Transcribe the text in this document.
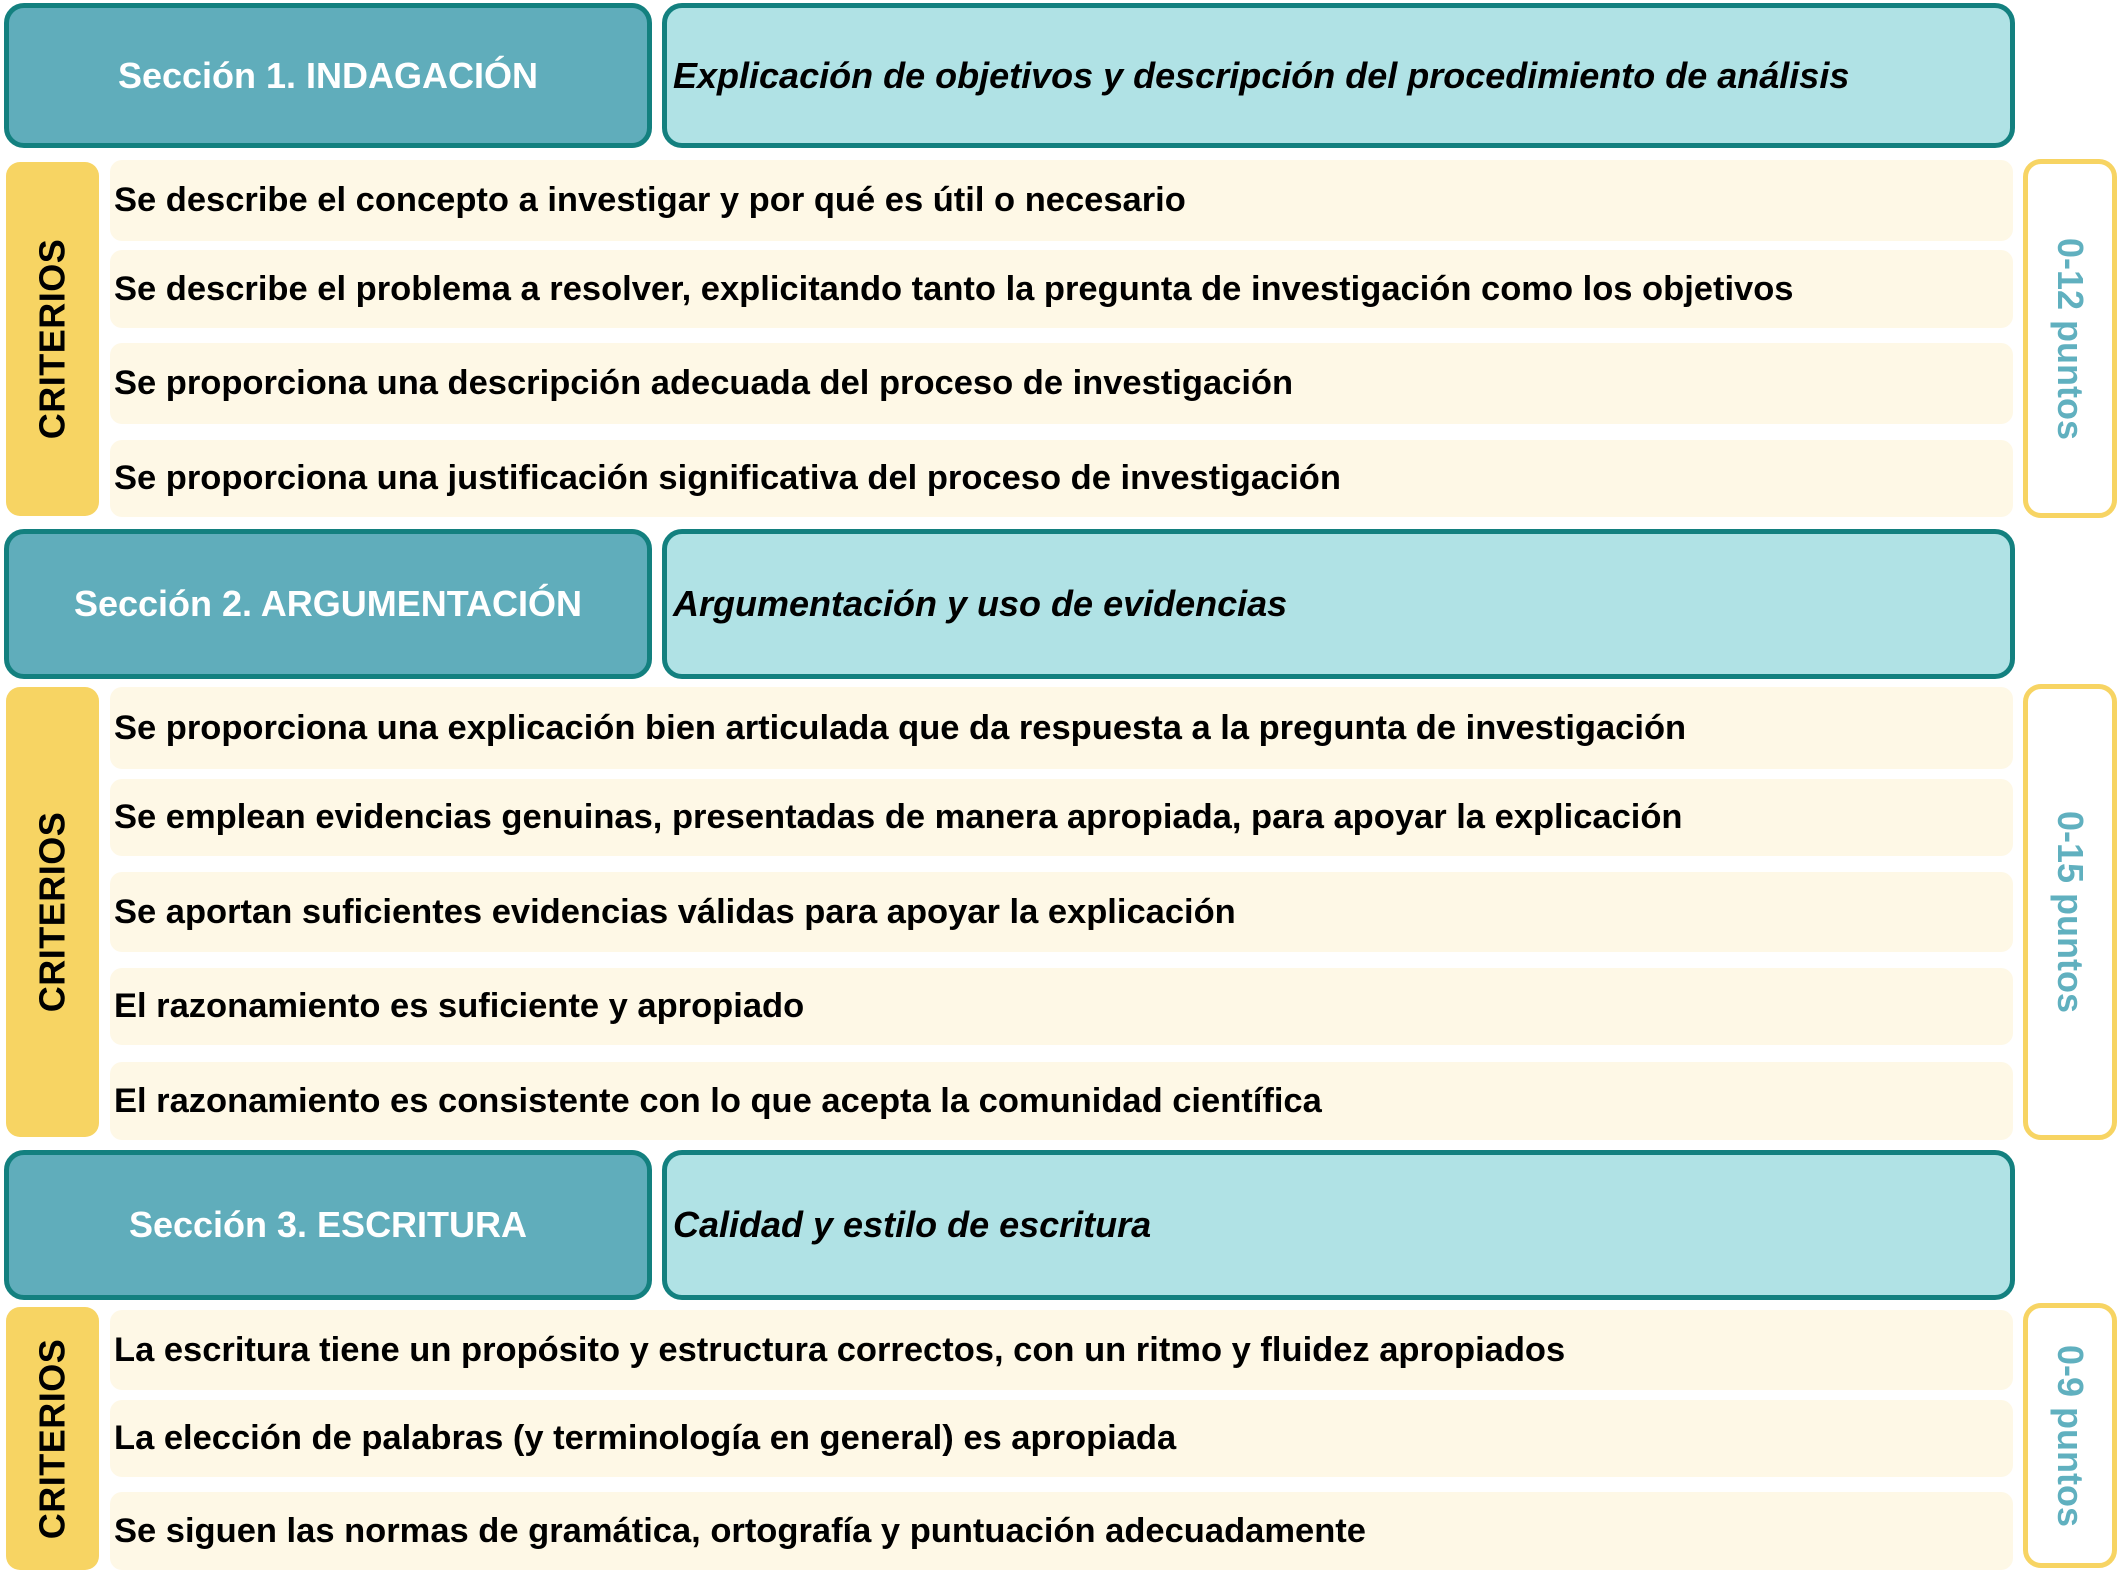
Sección 1. INDAGACIÓN	Explicación de objetivos y descripción del procedimiento de análisis
CRITERIOS
Se describe el concepto a investigar y por qué es útil o necesario
Se describe el problema a resolver, explicitando tanto la pregunta de investigación como los objetivos
Se proporciona una descripción adecuada del proceso de investigación
Se proporciona una justificación significativa del proceso de investigación
0-12 puntos
Sección 2. ARGUMENTACIÓN	Argumentación y uso de evidencias
CRITERIOS
Se proporciona una explicación bien articulada que da respuesta a la pregunta de investigación
Se emplean evidencias genuinas, presentadas de manera apropiada, para apoyar la explicación
Se aportan suficientes evidencias válidas para apoyar la explicación
El razonamiento es suficiente y apropiado
El razonamiento es consistente con lo que acepta la comunidad científica
0-15 puntos
Sección 3. ESCRITURA	Calidad y estilo de escritura
CRITERIOS La escritura tiene un propósito y estructura correctos, con un ritmo y fluidez apropiados
La elección de palabras (y terminología en general) es apropiada
Se siguen las normas de gramática, ortografía y puntuación adecuadamente
0-9 puntos
